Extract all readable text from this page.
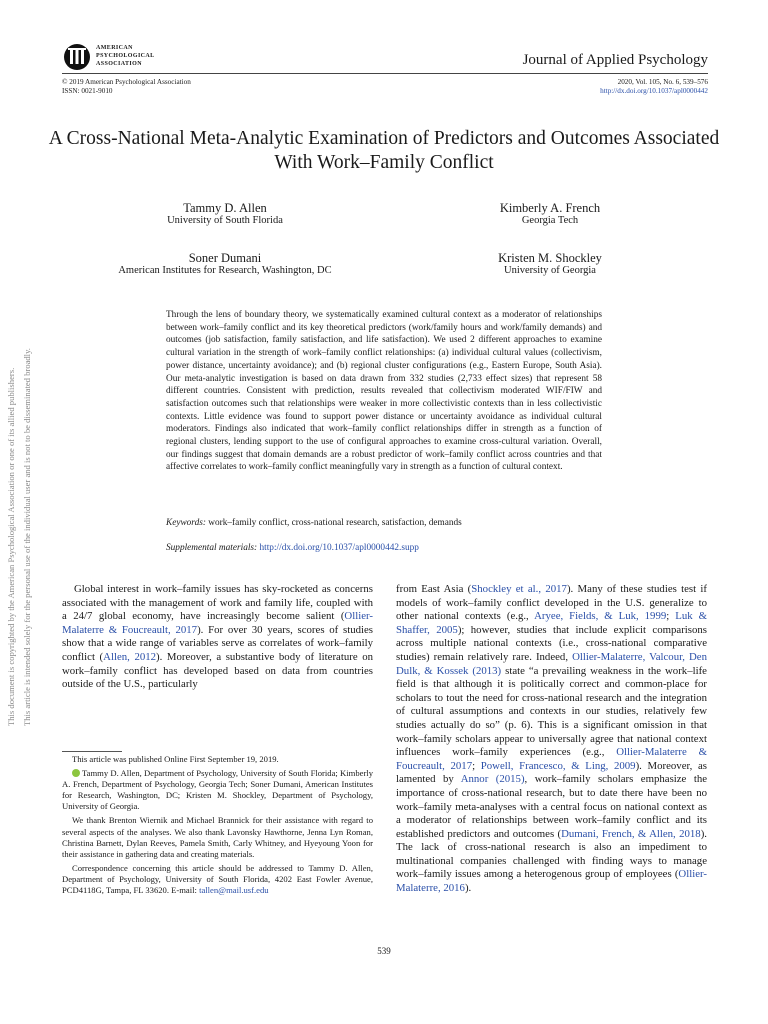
AMERICAN
PSYCHOLOGICAL
ASSOCIATION	Journal of Applied Psychology
© 2019 American Psychological Association
ISSN: 0021-9010
2020, Vol. 105, No. 6, 539–576
http://dx.doi.org/10.1037/apl0000442
A Cross-National Meta-Analytic Examination of Predictors and Outcomes Associated With Work–Family Conflict
Tammy D. Allen
University of South Florida
Kimberly A. French
Georgia Tech
Soner Dumani
American Institutes for Research, Washington, DC
Kristen M. Shockley
University of Georgia
Through the lens of boundary theory, we systematically examined cultural context as a moderator of relationships between work–family conflict and its key theoretical predictors (work/family hours and work/family demands) and outcomes (job satisfaction, family satisfaction, and life satisfaction). We used 2 different approaches to examine cultural variation in the strength of work–family conflict relationships: (a) individual cultural values (collectivism, power distance, uncertainty avoidance); and (b) regional cluster configurations (e.g., Eastern Europe, South Asia). Our meta-analytic investigation is based on data drawn from 332 studies (2,733 effect sizes) that represent 58 different countries. Consistent with prediction, results revealed that collectivism moderated WIF/FIW and satisfaction outcomes such that relationships were weaker in more collectivistic contexts than in less collectivistic contexts. Little evidence was found to support power distance or uncertainty avoidance as individual cultural moderators. Findings also indicated that work–family conflict relationships differ in strength as a function of regional clusters, lending support to the use of configural approaches to examine cross-cultural variation. Overall, our findings suggest that domain demands are a robust predictor of work–family conflict across countries and that affective correlates to work–family conflict meaningfully vary in strength as a function of cultural context.
Keywords: work–family conflict, cross-national research, satisfaction, demands
Supplemental materials: http://dx.doi.org/10.1037/apl0000442.supp
Global interest in work–family issues has sky-rocketed as concerns associated with the management of work and family life, coupled with a 24/7 global economy, have increasingly become salient (Ollier-Malaterre & Foucreault, 2017). For over 30 years, scores of studies show that a wide range of variables serve as correlates of work–family conflict (Allen, 2012). Moreover, a substantive body of literature on work–family conflict has developed based on data from countries outside of the U.S., particularly
from East Asia (Shockley et al., 2017). Many of these studies test if models of work–family conflict developed in the U.S. generalize to other national contexts (e.g., Aryee, Fields, & Luk, 1999; Luk & Shaffer, 2005); however, studies that include explicit comparisons across multiple national contexts (i.e., cross-national comparative studies) remain relatively rare. Indeed, Ollier-Malaterre, Valcour, Den Dulk, & Kossek (2013) state “a prevailing weakness in the work–life field is that although it is politically correct and common-place for scholars to tout the need for cross-national research and the integration of cultural assumptions and contexts in our studies, relatively few studies actually do so” (p. 6). This is a significant omission in that work–family scholars appear to universally agree that national context influences work–family experiences (e.g., Ollier-Malaterre & Foucreault, 2017; Powell, Francesco, & Ling, 2009). Moreover, as lamented by Annor (2015), work–family scholars emphasize the importance of cross-national research, but to date there have been no work–family meta-analyses with a central focus on national context as a moderator of relationships between work–family conflict and its established predictors and outcomes (Dumani, French, & Allen, 2018). The lack of cross-national research is also an impediment to multinational companies challenged with finding ways to manage work–family issues among a heterogenous group of employees (Ollier-Malaterre, 2016).

This article was published Online First September 19, 2019.

Tammy D. Allen, Department of Psychology, University of South Florida; Kimberly A. French, Department of Psychology, Georgia Tech; Soner Dumani, American Institutes for Research, Washington, DC; Kristen M. Shockley, Department of Psychology, University of Georgia.

We thank Brenton Wiernik and Michael Brannick for their assistance with regard to several aspects of the analyses. We also thank Lavonsky Hawthorne, Jenna Lyn Roman, Christina Barnett, Dylan Reeves, Pamela Smith, Carly Whitney, and Hyeyoung Yoon for their assistance in gathering data and creating materials.

Correspondence concerning this article should be addressed to Tammy D. Allen, Department of Psychology, University of South Florida, 4202 East Fowler Avenue, PCD4118G, Tampa, FL 33620. E-mail: tallen@mail.usf.edu

539
This document is copyrighted by the American Psychological Association or one of its allied publishers. This article is intended solely for the personal use of the individual user and is not to be disseminated broadly.
